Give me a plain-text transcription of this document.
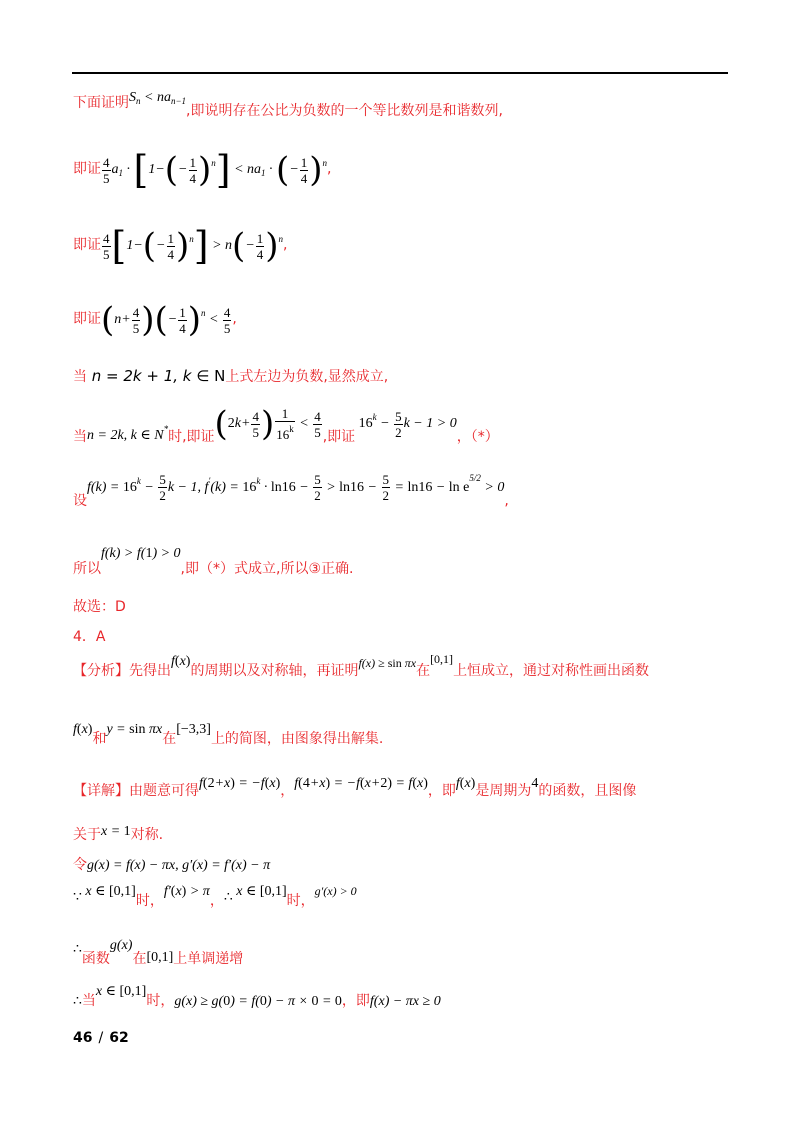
下面证明$S_n < na_{n-1}$,即说明存在公比为负数的一个等比数列是和谐数列,
即证 $\frac{4}{5} a_1 \cdot [1-(- \frac{1}{4} )^n] < na_1$ · (− $\frac{1}{4} )^n$,
即证 $\frac{4}{5} [1-(- \frac{1}{4} )^n] > n(- \frac{1}{4} )^n$,
即证($n+ \frac{4}{5}$ )(− $\frac{1}{4} )^n < \frac{4}{5}$ ,
当 n = 2k + 1, k ∈ N上式左边为负数,显然成立,
当n = 2k, k ∈ N*时,即证($2k+ \frac{4}{5}$ ) $\frac{1}{16^k} < \frac{4}{5}$ ,即证 $16^k - \frac{5}{2}$ k − 1 > 0，（*）
设$f(k) = 16^k - \frac{5}{2}$ k − 1, $f'(k) = 16^k \cdot \ln 16 - \frac{5}{2} > \ln 16 - \frac{5}{2} = \ln 16 - \ln e^{5/2} > 0$,
所以f(k) > f(1) > 0,即（*）式成立,所以③正确.
故选：D
4．A
【分析】先得出f(x)的周期以及对称轴，再证明f(x) ≥ sin πx在[0,1]上恒成立，通过对称性画出函数
f(x)和y = sin πx在[−3,3]上的简图，由图象得出解集.
【详解】由题意可得f(2+x) = −f(x)，f(4+x) = −f(x+2) = f(x)，即f(x)是周期为4的函数，且图像
关于x = 1对称.
令g(x) = f(x) − πx, g′(x) = f′(x) − π
∵ x ∈ [0,1]时，f′(x) > π，∴ x ∈ [0,1]时，g′(x) > 0
∴函数g(x)在[0,1]上单调递增
∴当x ∈ [0,1]时，g(x) ≥ g(0) = f(0) − π × 0 = 0，即f(x) − πx ≥ 0
46 / 62
